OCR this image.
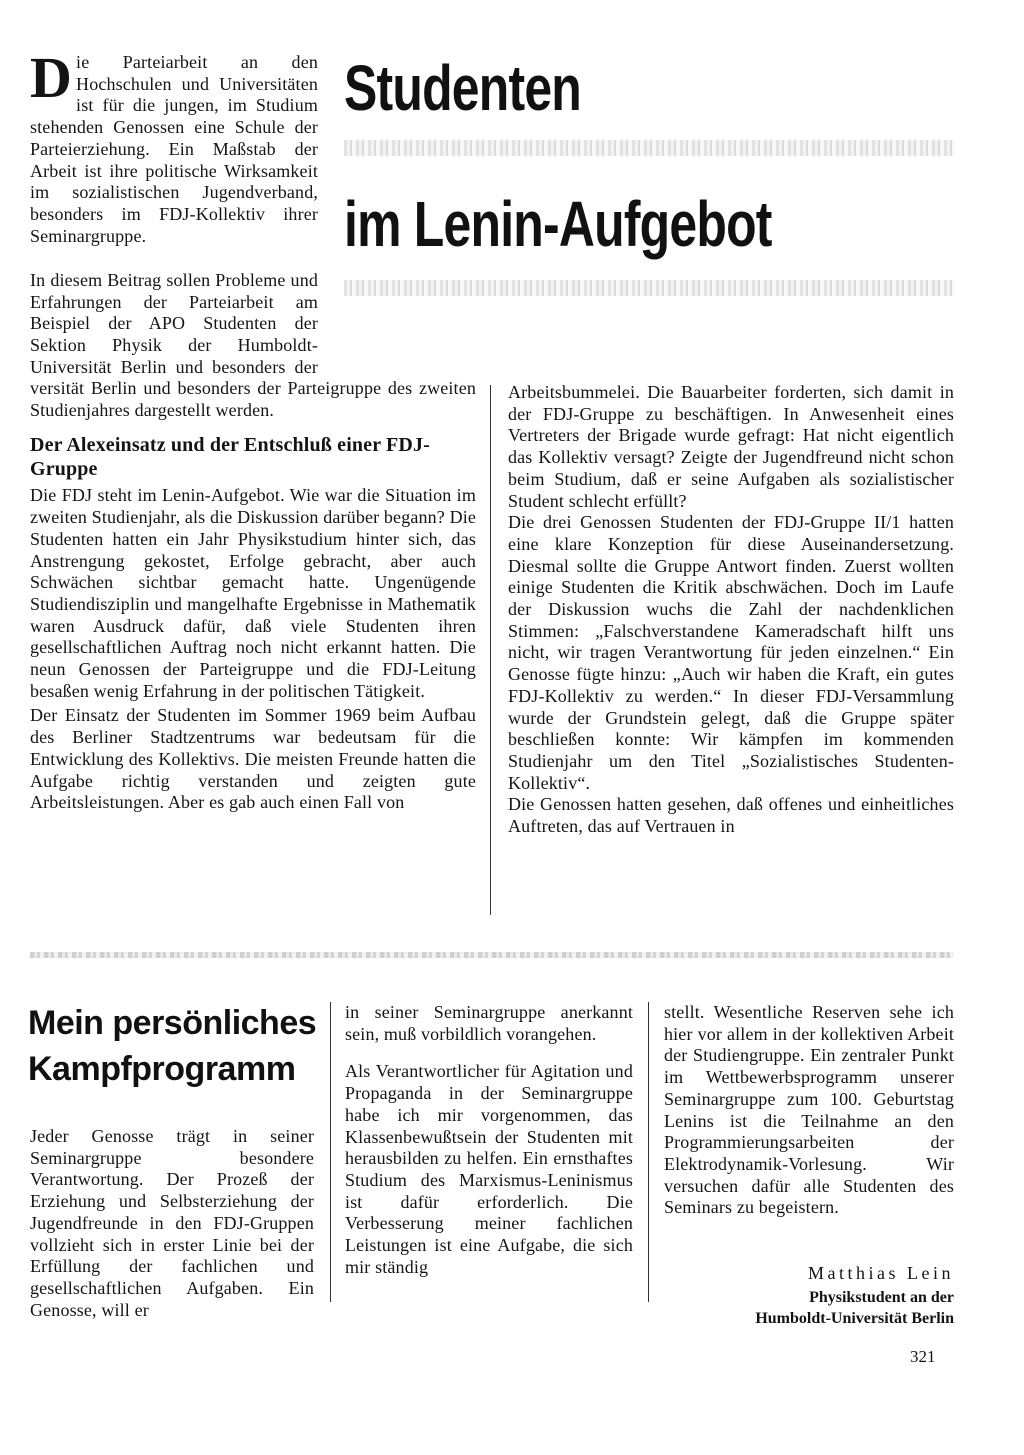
Studenten
im Lenin-Aufgebot

Die Parteiarbeit an den Hochschulen und Universitäten ist für die jungen, im Studium stehenden Genossen eine Schule der Parteierziehung. Ein Maßstab der Arbeit ist ihre politische Wirksamkeit im sozialistischen Jugendverband, besonders im FDJ-Kollektiv ihrer Seminargruppe.

In diesem Beitrag sollen Probleme und Erfahrungen der Parteiarbeit am Beispiel der APO Studenten der Sektion Physik der Humboldt-Universität Berlin und besonders der

versität Berlin und besonders der Parteigruppe des zweiten Studienjahres dargestellt werden.

Der Alexeinsatz und der Entschluß einer FDJ-Gruppe

Die FDJ steht im Lenin-Aufgebot. Wie war die Situation im zweiten Studienjahr, als die Diskussion darüber begann? Die Studenten hatten ein Jahr Physikstudium hinter sich, das Anstrengung gekostet, Erfolge gebracht, aber auch Schwächen sichtbar gemacht hatte. Ungenügende Studiendisziplin und mangelhafte Ergebnisse in Mathematik waren Ausdruck dafür, daß viele Studenten ihren gesellschaftlichen Auftrag noch nicht erkannt hatten. Die neun Genossen der Parteigruppe und die FDJ-Leitung besaßen wenig Erfahrung in der politischen Tätigkeit.

Der Einsatz der Studenten im Sommer 1969 beim Aufbau des Berliner Stadtzentrums war bedeutsam für die Entwicklung des Kollektivs. Die meisten Freunde hatten die Aufgabe richtig verstanden und zeigten gute Arbeitsleistungen. Aber es gab auch einen Fall von

Arbeitsbummelei. Die Bauarbeiter forderten, sich damit in der FDJ-Gruppe zu beschäftigen. In Anwesenheit eines Vertreters der Brigade wurde gefragt: Hat nicht eigentlich das Kollektiv versagt? Zeigte der Jugendfreund nicht schon beim Studium, daß er seine Aufgaben als sozialistischer Student schlecht erfüllt?

Die drei Genossen Studenten der FDJ-Gruppe II/1 hatten eine klare Konzeption für diese Auseinandersetzung. Diesmal sollte die Gruppe Antwort finden. Zuerst wollten einige Studenten die Kritik abschwächen. Doch im Laufe der Diskussion wuchs die Zahl der nachdenklichen Stimmen: „Falschverstandene Kameradschaft hilft uns nicht, wir tragen Verantwortung für jeden einzelnen.“ Ein Genosse fügte hinzu: „Auch wir haben die Kraft, ein gutes FDJ-Kollektiv zu werden.“ In dieser FDJ-Versammlung wurde der Grundstein gelegt, daß die Gruppe später beschließen konnte: Wir kämpfen im kommenden Studienjahr um den Titel „Sozialistisches Studenten-Kollektiv“.

Die Genossen hatten gesehen, daß offenes und einheitliches Auftreten, das auf Vertrauen in

Mein persönliches
Kampfprogramm
Jeder Genosse trägt in seiner Seminargruppe besondere Verantwortung. Der Prozeß der Erziehung und Selbsterziehung der Jugendfreunde in den FDJ-Gruppen vollzieht sich in erster Linie bei der Erfüllung der fachlichen und gesellschaftlichen Aufgaben. Ein Genosse, will er

in seiner Seminargruppe anerkannt sein, muß vorbildlich vorangehen.

Als Verantwortlicher für Agitation und Propaganda in der Seminargruppe habe ich mir vorgenommen, das Klassenbewußtsein der Studenten mit herausbilden zu helfen. Ein ernsthaftes Studium des Marxismus-Leninismus ist dafür erforderlich. Die Verbesserung meiner fachlichen Leistungen ist eine Aufgabe, die sich mir ständig

stellt. Wesentliche Reserven sehe ich hier vor allem in der kollektiven Arbeit der Studiengruppe. Ein zentraler Punkt im Wettbewerbsprogramm unserer Seminargruppe zum 100. Geburtstag Lenins ist die Teilnahme an den Programmierungsarbeiten der Elektrodynamik-Vorlesung. Wir versuchen dafür alle Studenten des Seminars zu begeistern.
Matthias Lein
Physikstudent an der
Humboldt-Universität Berlin
321
